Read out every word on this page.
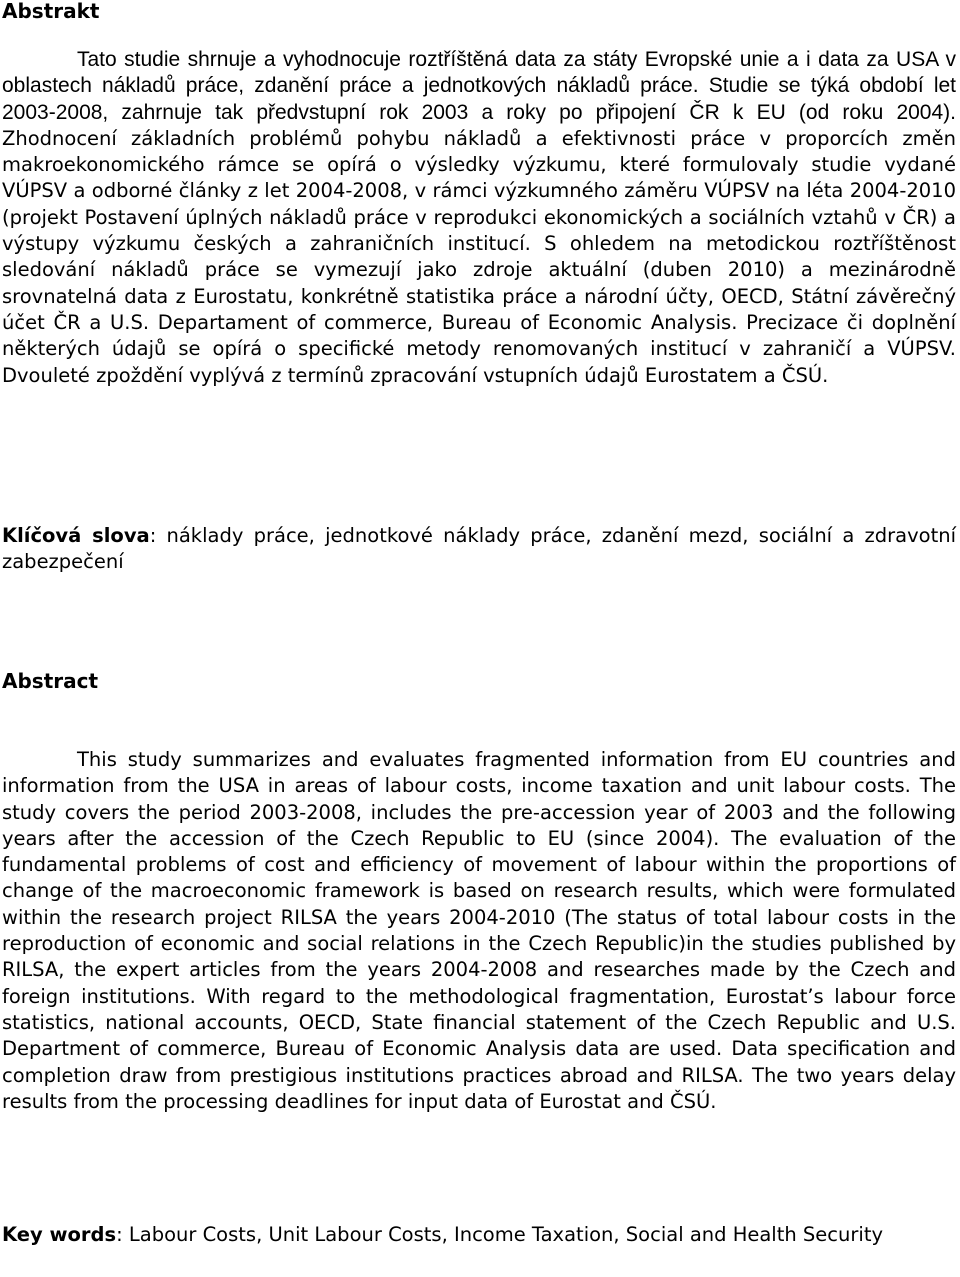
Abstrakt

Tato studie shrnuje a vyhodnocuje roztříštěná data za státy Evropské unie a i data za USA v oblastech nákladů práce, zdanění práce a jednotkových nákladů práce. Studie se týká období let 2003-2008, zahrnuje tak předvstupní rok 2003 a roky po připojení ČR k EU (od roku 2004). Zhodnocení základních problémů pohybu nákladů a efektivnosti práce v proporcích změn makroekonomického rámce se opírá o výsledky výzkumu, které formulovaly studie vydané VÚPSV a odborné články z let 2004-2008, v rámci výzkumného záměru VÚPSV na léta 2004-2010 (projekt Postavení úplných nákladů práce v reprodukci ekonomických a sociálních vztahů v ČR) a výstupy výzkumu českých a zahraničních institucí. S ohledem na metodickou roztříštěnost sledování nákladů práce se vymezují jako zdroje aktuální (duben 2010) a mezinárodně srovnatelná data z Eurostatu, konkrétně statistika práce a národní účty, OECD, Státní závěrečný účet ČR a U.S. Departament of commerce, Bureau of Economic Analysis. Precizace či doplnění některých údajů se opírá o specifické metody renomovaných institucí v zahraničí a VÚPSV. Dvouleté zpoždění vyplývá z termínů zpracování vstupních údajů Eurostatem a ČSÚ.

Klíčová slova: náklady práce, jednotkové náklady práce, zdanění mezd, sociální a zdravotní zabezpečení

Abstract

This study summarizes and evaluates fragmented information from EU countries and information from the USA in areas of labour costs, income taxation and unit labour costs. The study covers the period 2003-2008, includes the pre-accession year of 2003 and the following years after the accession of the Czech Republic to EU (since 2004). The evaluation of the fundamental problems of cost and efficiency of movement of labour within the proportions of change of the macroeconomic framework is based on research results, which were formulated within the research project RILSA the years 2004-2010 (The status of total labour costs in the reproduction of economic and social relations in the Czech Republic)in the studies published by RILSA, the expert articles from the years 2004-2008 and researches made by the Czech and foreign institutions. With regard to the methodological fragmentation, Eurostat’s labour force statistics, national accounts, OECD, State financial statement of the Czech Republic and U.S. Department of commerce, Bureau of Economic Analysis data are used. Data specification and completion draw from prestigious institutions practices abroad and RILSA. The two years delay results from the processing deadlines for input data of Eurostat and ČSÚ.

Key words: Labour Costs, Unit Labour Costs, Income Taxation, Social and Health Security
